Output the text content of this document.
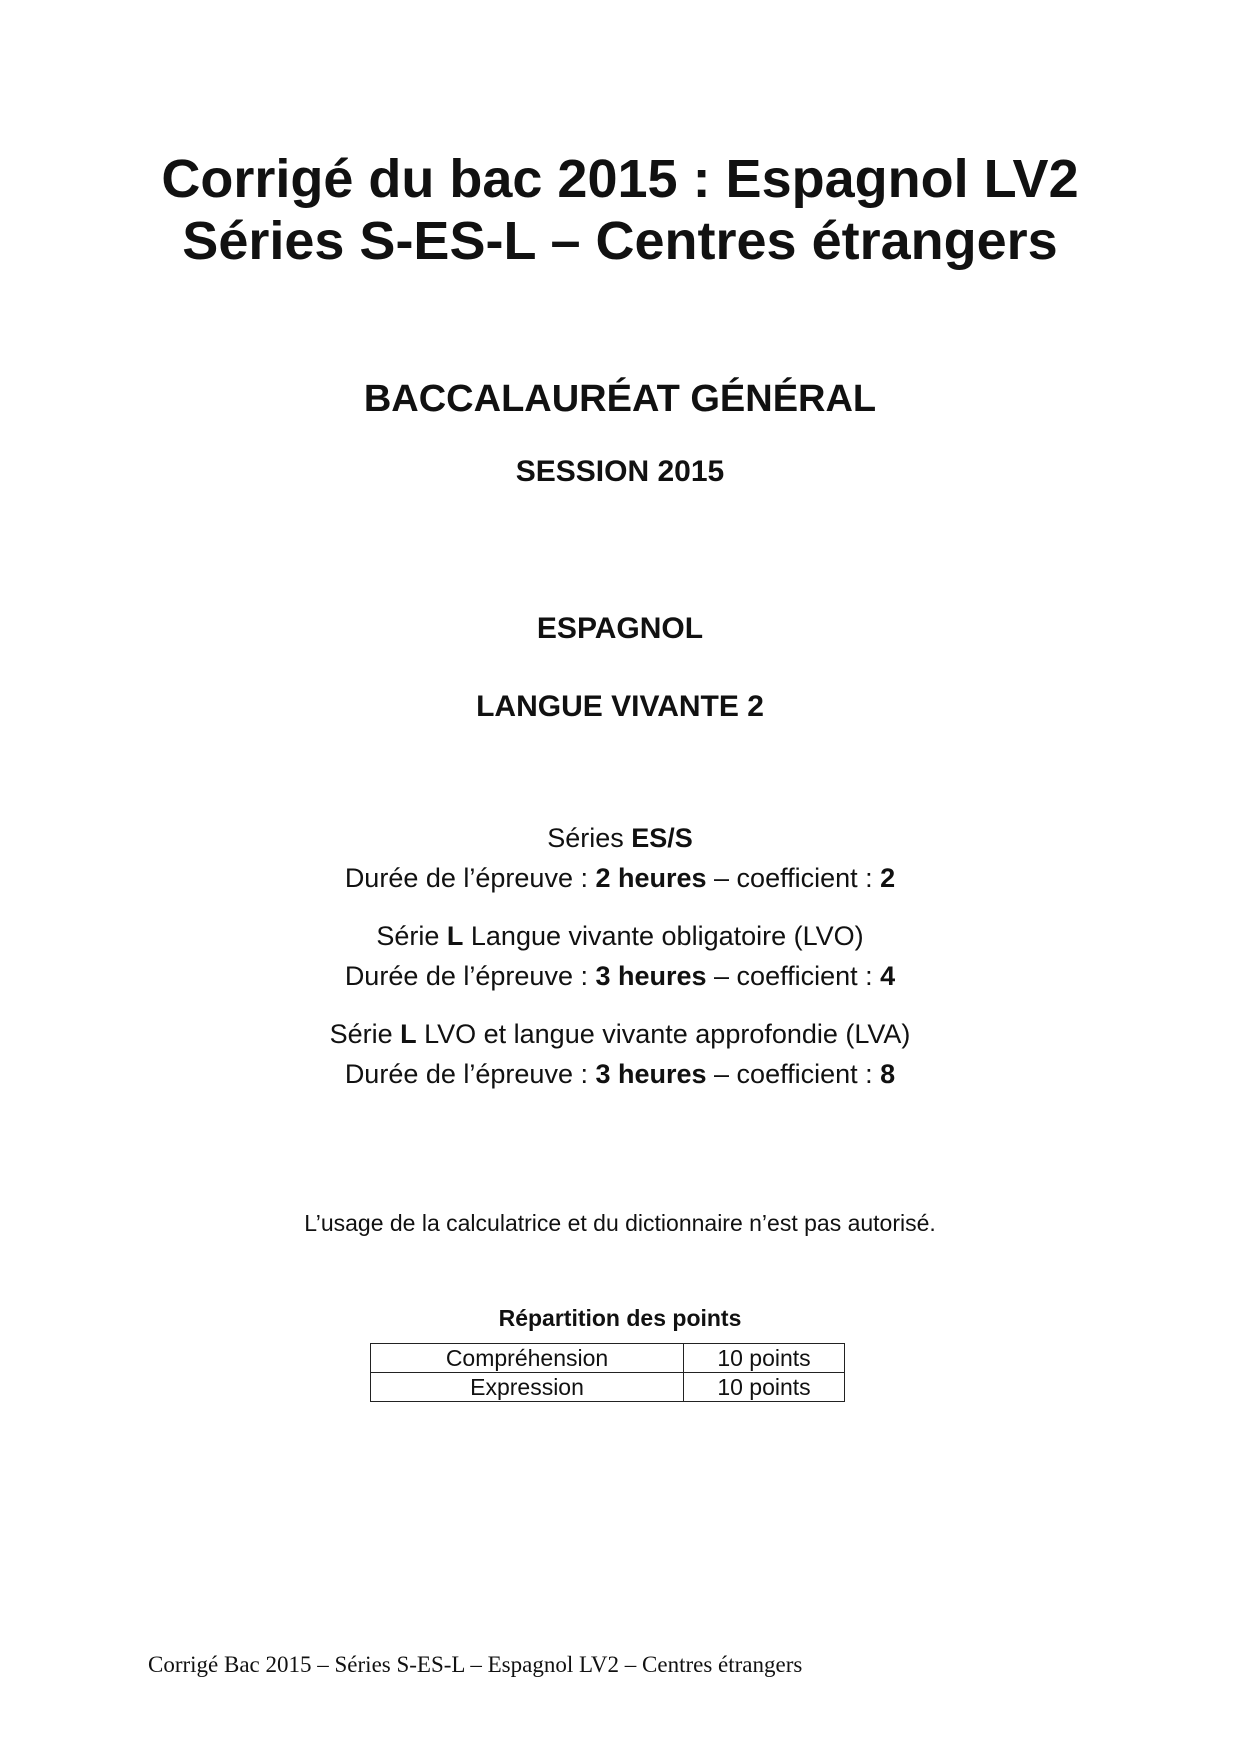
Corrigé du bac 2015 : Espagnol LV2
Séries S-ES-L – Centres étrangers
BACCALAURÉAT GÉNÉRAL
SESSION 2015
ESPAGNOL
LANGUE VIVANTE 2

Séries ES/S

Durée de l’épreuve : 2 heures – coefficient : 2

Série L Langue vivante obligatoire (LVO)

Durée de l’épreuve : 3 heures – coefficient : 4

Série L LVO et langue vivante approfondie (LVA)

Durée de l’épreuve : 3 heures – coefficient : 8

L’usage de la calculatrice et du dictionnaire n’est pas autorisé.
Répartition des points
Compréhension	10 points
Expression	10 points
Corrigé Bac 2015 – Séries S-ES-L – Espagnol LV2 – Centres étrangers
